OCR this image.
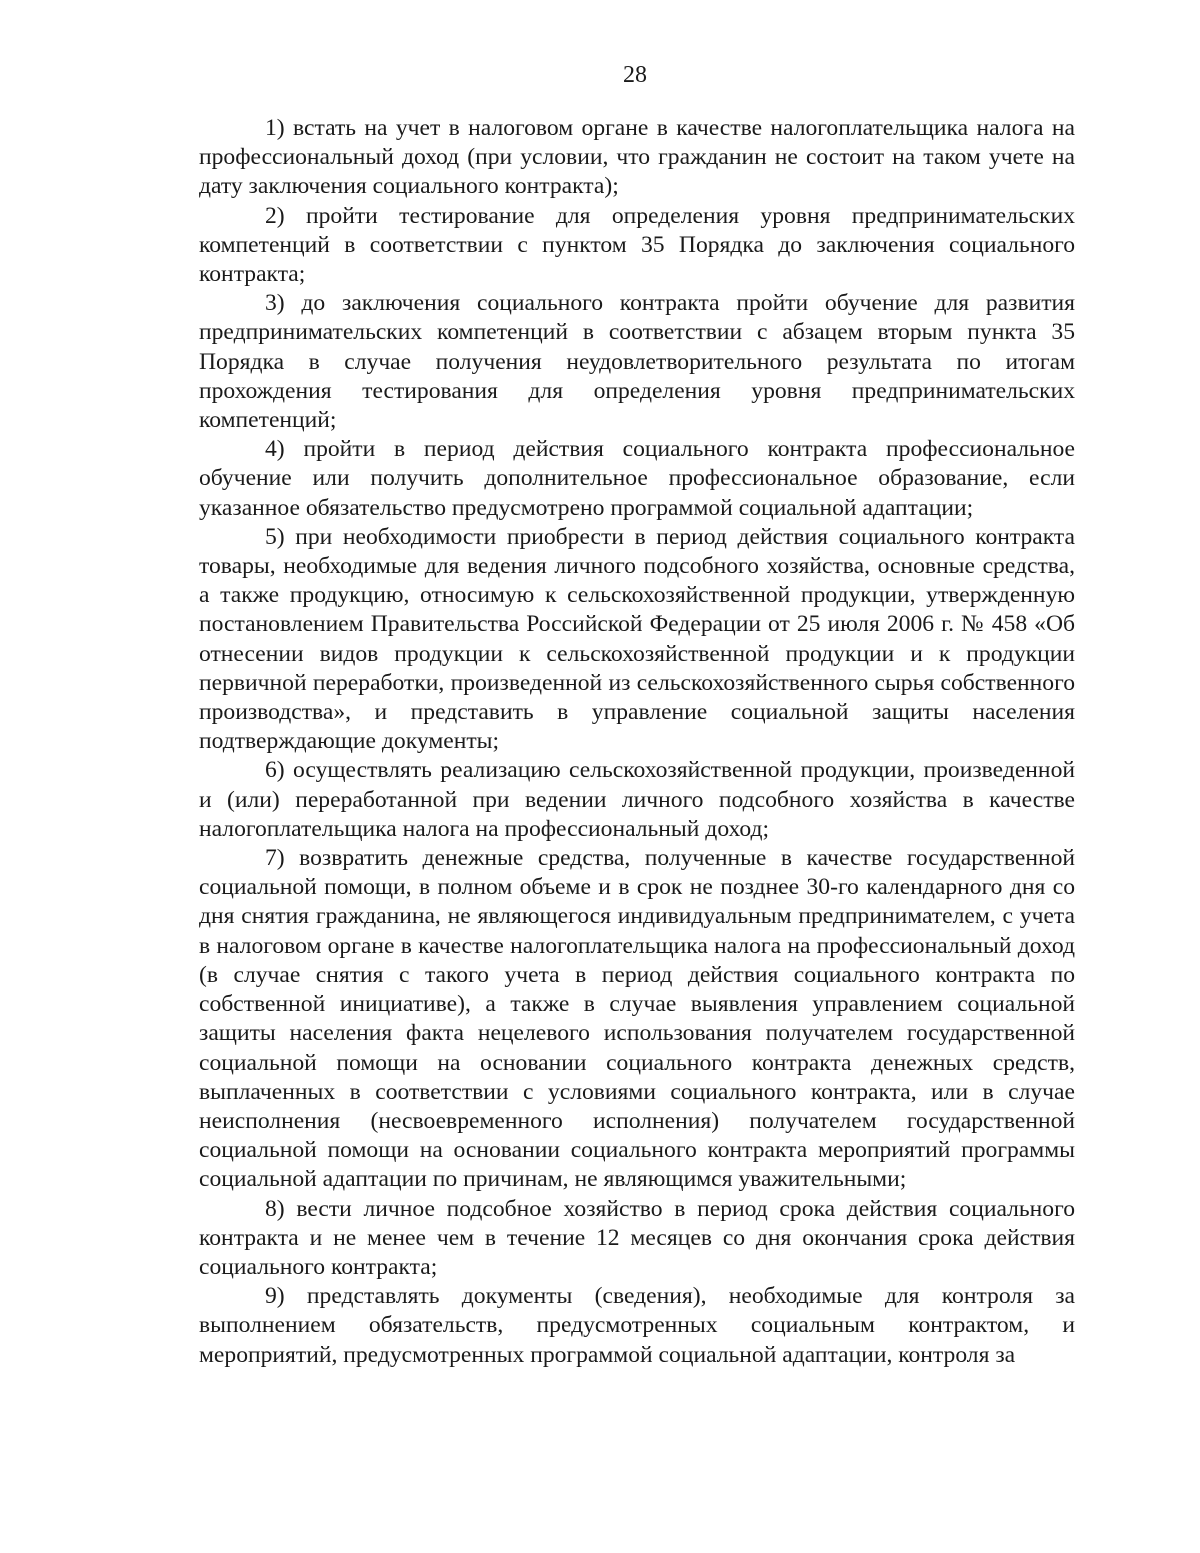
28

1) встать на учет в налоговом органе в качестве налогоплательщика налога на профессиональный доход (при условии, что гражданин не состоит на таком учете на дату заключения социального контракта);

2) пройти тестирование для определения уровня предпринимательских компетенций в соответствии с пунктом 35 Порядка до заключения социального контракта;

3) до заключения социального контракта пройти обучение для развития предпринимательских компетенций в соответствии с абзацем вторым пункта 35 Порядка в случае получения неудовлетворительного результата по итогам прохождения тестирования для определения уровня предпринимательских компетенций;

4) пройти в период действия социального контракта профессиональное обучение или получить дополнительное профессиональное образование, если указанное обязательство предусмотрено программой социальной адаптации;

5) при необходимости приобрести в период действия социального контракта товары, необходимые для ведения личного подсобного хозяйства, основные средства, а также продукцию, относимую к сельскохозяйственной продукции, утвержденную постановлением Правительства Российской Федерации от 25 июля 2006 г. № 458 «Об отнесении видов продукции к сельскохозяйственной продукции и к продукции первичной переработки, произведенной из сельскохозяйственного сырья собственного производства», и представить в управление социальной защиты населения подтверждающие документы;

6) осуществлять реализацию сельскохозяйственной продукции, произведенной и (или) переработанной при ведении личного подсобного хозяйства в качестве налогоплательщика налога на профессиональный доход;

7) возвратить денежные средства, полученные в качестве государственной социальной помощи, в полном объеме и в срок не позднее 30-го календарного дня со дня снятия гражданина, не являющегося индивидуальным предпринимателем, с учета в налоговом органе в качестве налогоплательщика налога на профессиональный доход (в случае снятия с такого учета в период действия социального контракта по собственной инициативе), а также в случае выявления управлением социальной защиты населения факта нецелевого использования получателем государственной социальной помощи на основании социального контракта денежных средств, выплаченных в соответствии с условиями социального контракта, или в случае неисполнения (несвоевременного исполнения) получателем государственной социальной помощи на основании социального контракта мероприятий программы социальной адаптации по причинам, не являющимся уважительными;

8) вести личное подсобное хозяйство в период срока действия социального контракта и не менее чем в течение 12 месяцев со дня окончания срока действия социального контракта;

9) представлять документы (сведения), необходимые для контроля за выполнением обязательств, предусмотренных социальным контрактом, и мероприятий, предусмотренных программой социальной адаптации, контроля за
